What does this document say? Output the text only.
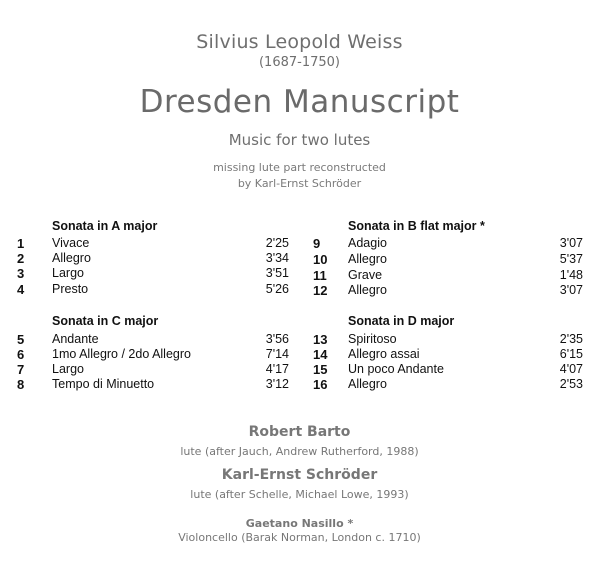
Silvius Leopold Weiss
(1687-1750)
Dresden Manuscript
Music for two lutes
missing lute part reconstructed
by Karl-Ernst Schröder
Sonata in A major
1 Vivace	2'25
2 Allegro	3'34
3 Largo	3'51
4 Presto	5'26
Sonata in B flat major *
9 Adagio	3'07
10 Allegro	5'37
11 Grave	1'48
12 Allegro	3'07
Sonata in C major
5 Andante	3'56
6 1mo Allegro / 2do Allegro	7'14
7 Largo	4'17
8 Tempo di Minuetto	3'12
Sonata in D major
13 Spiritoso	2'35
14 Allegro assai	6'15
15 Un poco Andante	4'07
16 Allegro	2'53
Robert Barto
lute (after Jauch, Andrew Rutherford, 1988)
Karl-Ernst Schröder
lute (after Schelle, Michael Lowe, 1993)
Gaetano Nasillo *
Violoncello (Barak Norman, London c. 1710)
